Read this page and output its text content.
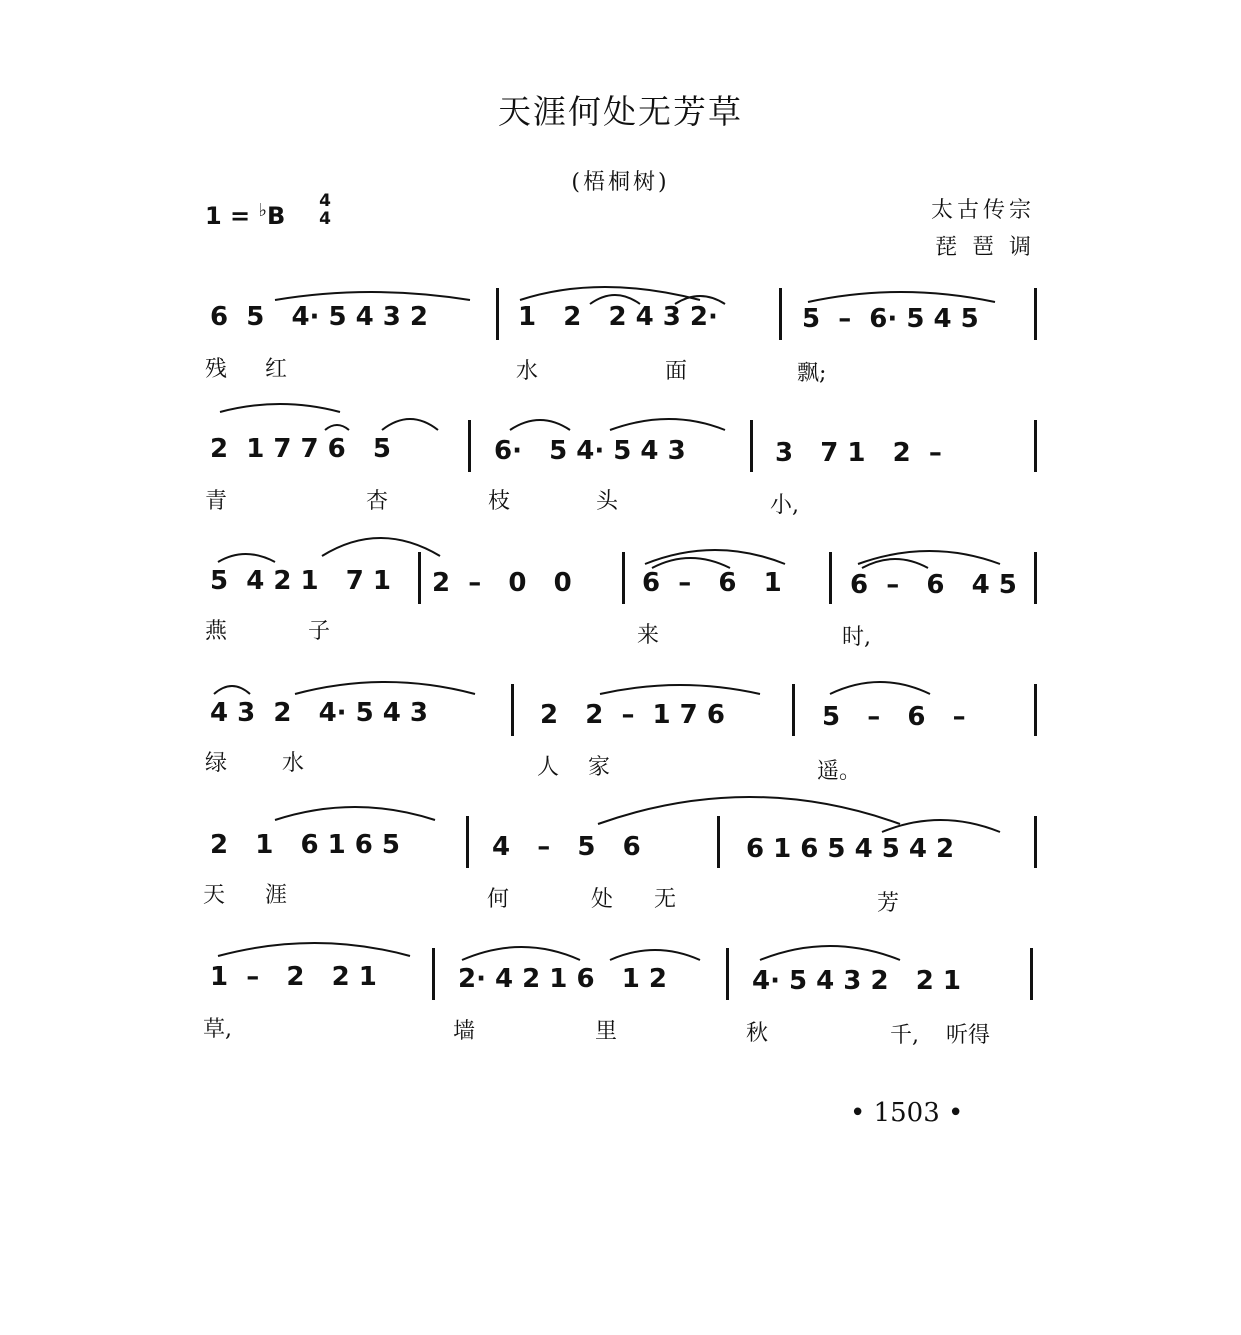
天涯何处无芳草
(梧桐树)
1 = ♭B
4
4	太古传宗
琵 琶 调
6  5   4· 5 4 3 2	1   2   2 4 3 2·	5  –  6· 5 4 5
残 红	水	面	飘;
2  1 7 7 6   5	6·   5 4· 5 4 3	3   7 1   2  –
青	杏	枝	头	小,
5  4 2 1   7 1 2  –   0   0	6  –   6   1	6  –   6   4 5
燕	子	来	时,
4 3  2   4· 5 4 3	2   2  –  1 7 6	5   –   6   –
绿 水	人 家	遥。
2   1   6 1 6 5	4   –   5   6	6 1 6 5 4 5 4 2
天 涯	何	处 无	芳
1  –   2   2 1	2· 4 2 1 6   1 2	4· 5 4 3 2   2 1
草,	墙	里	秋	千, 听得
• 1503 •
